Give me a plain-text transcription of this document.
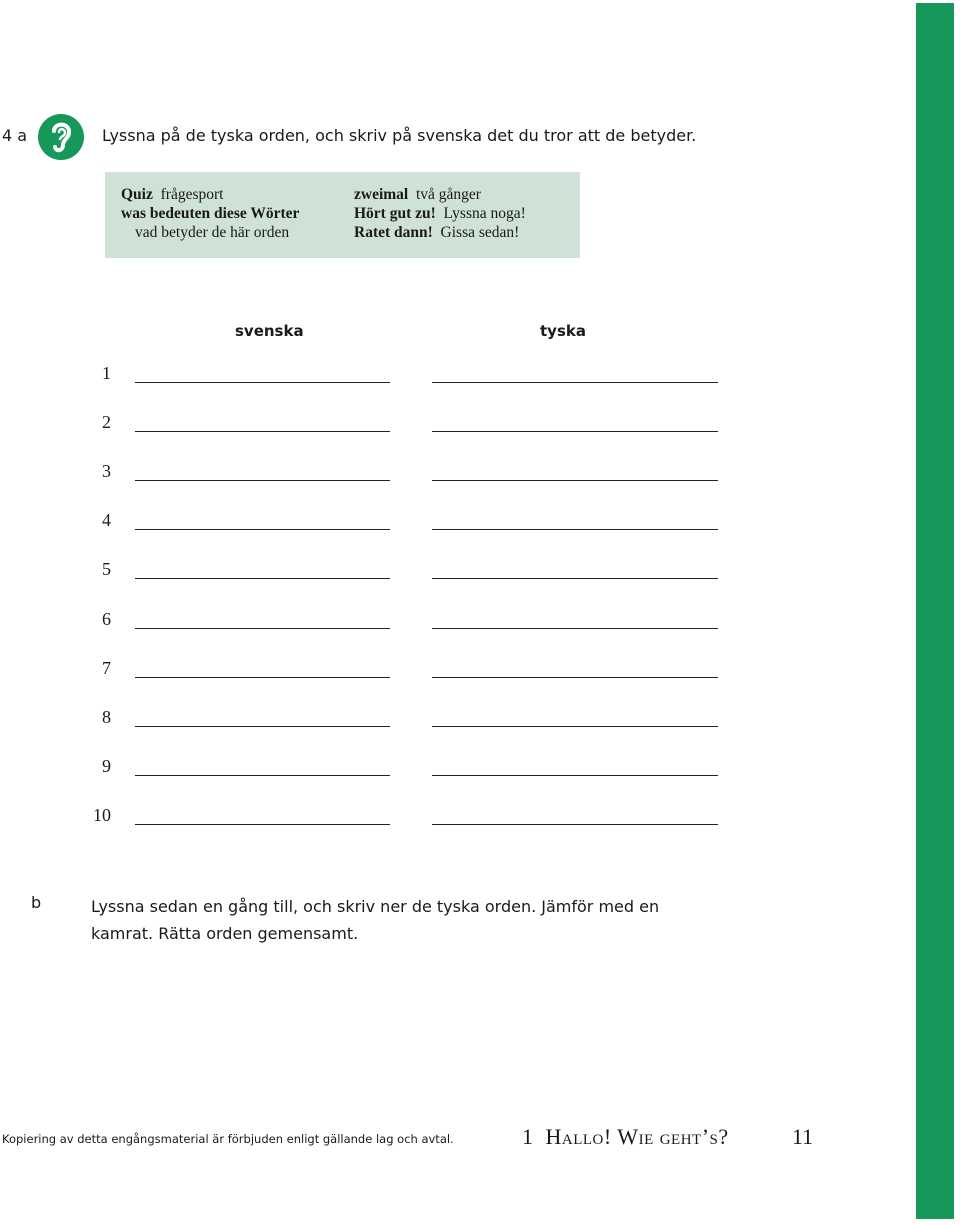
4 a	Lyssna på de tyska orden, och skriv på svenska det du tror att de betyder.
Quiz frågesport
was bedeuten diese Wörter
vad betyder de här orden
zweimal två gånger
Hört gut zu! Lyssna noga!
Ratet dann! Gissa sedan!
svenska	tyska
1
2
3
4
5
6
7
8
9
10
b	Lyssna sedan en gång till, och skriv ner de tyska orden. Jämför med en kamrat. Rätta orden gemensamt.
Kopiering av detta engångsmaterial är förbjuden enligt gällande lag och avtal.	1 Hallo! Wie geht’s?	11
